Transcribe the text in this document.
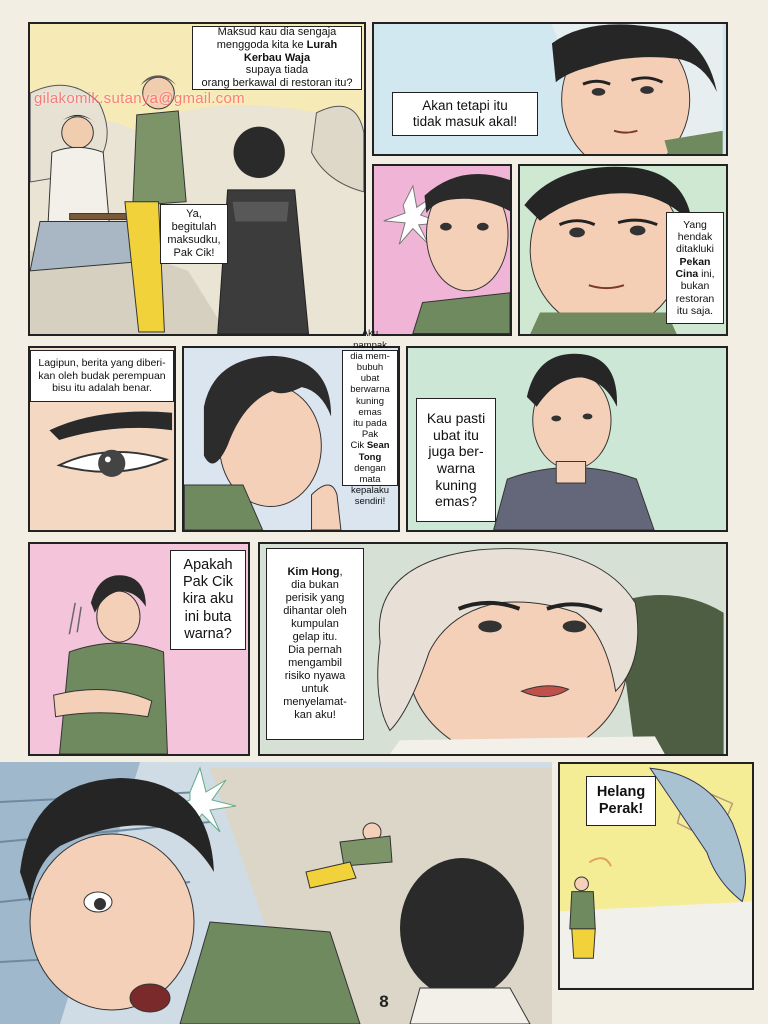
Maksud kau dia sengaja
menggoda kita ke Lurah Kerbau Waja
supaya tiada
orang berkawal di restoran itu?
Ya,
begitulah
maksudku,
Pak Cik!
gilakomik.sutanya@gmail.com	Akan tetapi itu
tidak masuk akal!
Yang
hendak
ditakluki
Pekan
Cina ini,
bukan
restoran
itu saja.
Lagipun, berita yang diberi-
kan oleh budak perempuan
bisu itu adalah benar.
Aku nampak
dia mem-
bubuh ubat
berwarna
kuning emas
itu pada Pak
Cik Sean
Tong
dengan
mata
kepalaku
sendiri!
Kau pasti
ubat itu
juga ber-
warna
kuning
emas?
Apakah
Pak Cik
kira aku
ini buta
warna?
Kim Hong,
dia bukan
perisik yang
dihantar oleh
kumpulan
gelap itu.
Dia pernah
mengambil
risiko nyawa
untuk
menyelamat-
kan aku!
Helang
Perak!
8
